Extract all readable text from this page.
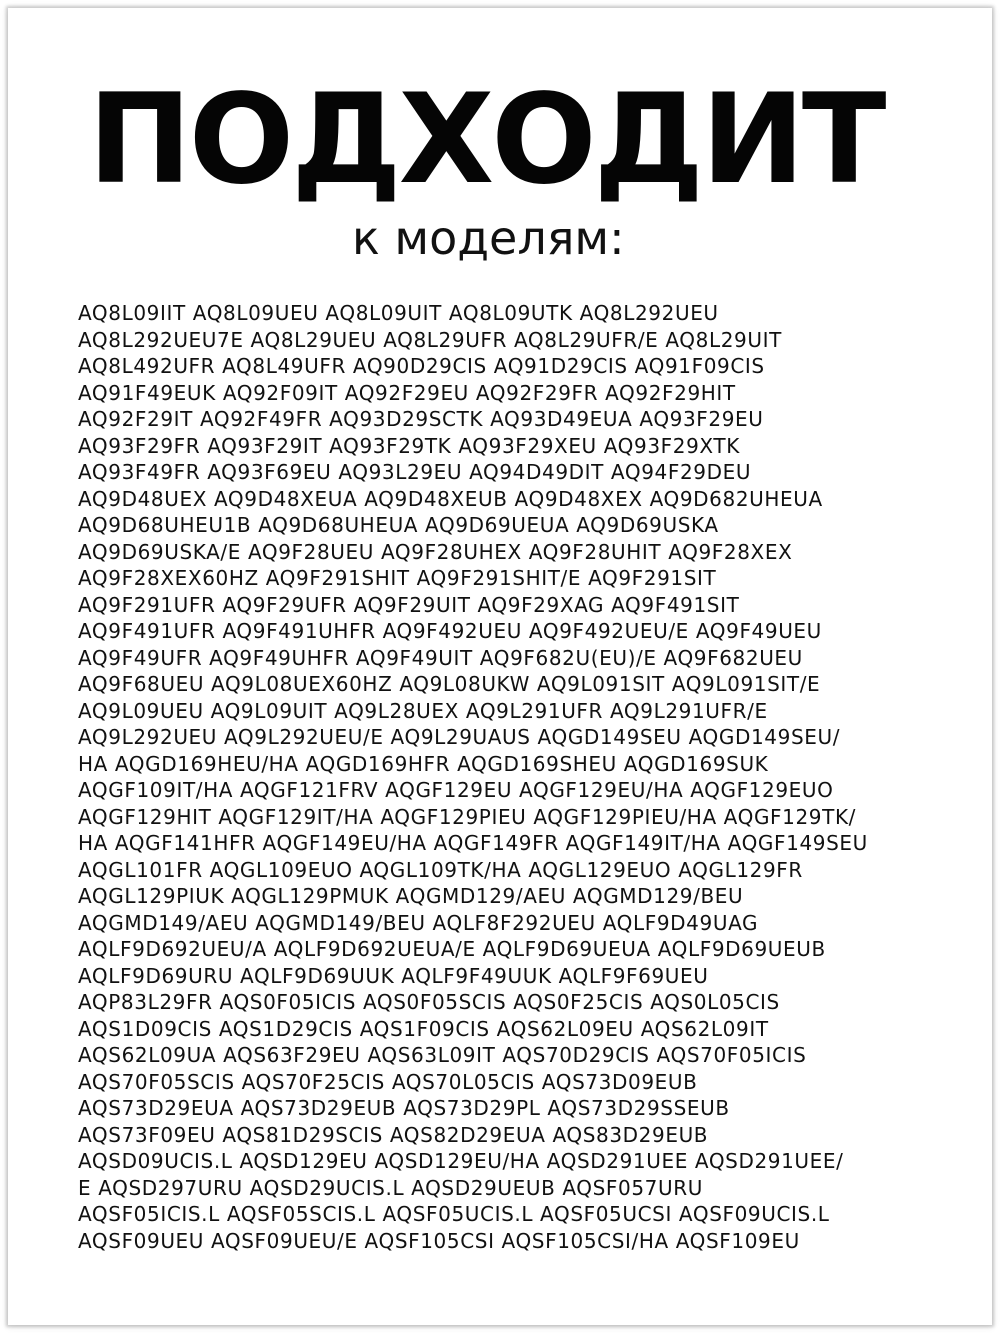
ПОДХОДИТ
к моделям:
AQ8L09IIT AQ8L09UEU AQ8L09UIT AQ8L09UTK AQ8L292UEU
AQ8L292UEU7E AQ8L29UEU AQ8L29UFR AQ8L29UFR/E AQ8L29UIT
AQ8L492UFR AQ8L49UFR AQ90D29CIS AQ91D29CIS AQ91F09CIS
AQ91F49EUK AQ92F09IT AQ92F29EU AQ92F29FR AQ92F29HIT
AQ92F29IT AQ92F49FR AQ93D29SCTK AQ93D49EUA AQ93F29EU
AQ93F29FR AQ93F29IT AQ93F29TK AQ93F29XEU AQ93F29XTK
AQ93F49FR AQ93F69EU AQ93L29EU AQ94D49DIT AQ94F29DEU
AQ9D48UEX AQ9D48XEUA AQ9D48XEUB AQ9D48XEX AQ9D682UHEUA
AQ9D68UHEU1B AQ9D68UHEUA AQ9D69UEUA AQ9D69USKA
AQ9D69USKA/E AQ9F28UEU AQ9F28UHEX AQ9F28UHIT AQ9F28XEX
AQ9F28XEX60HZ AQ9F291SHIT AQ9F291SHIT/E AQ9F291SIT
AQ9F291UFR AQ9F29UFR AQ9F29UIT AQ9F29XAG AQ9F491SIT
AQ9F491UFR AQ9F491UHFR AQ9F492UEU AQ9F492UEU/E AQ9F49UEU
AQ9F49UFR AQ9F49UHFR AQ9F49UIT AQ9F682U(EU)/E AQ9F682UEU
AQ9F68UEU AQ9L08UEX60HZ AQ9L08UKW AQ9L091SIT AQ9L091SIT/E
AQ9L09UEU AQ9L09UIT AQ9L28UEX AQ9L291UFR AQ9L291UFR/E
AQ9L292UEU AQ9L292UEU/E AQ9L29UAUS AQGD149SEU AQGD149SEU/
HA AQGD169HEU/HA AQGD169HFR AQGD169SHEU AQGD169SUK
AQGF109IT/HA AQGF121FRV AQGF129EU AQGF129EU/HA AQGF129EUO
AQGF129HIT AQGF129IT/HA AQGF129PIEU AQGF129PIEU/HA AQGF129TK/
HA AQGF141HFR AQGF149EU/HA AQGF149FR AQGF149IT/HA AQGF149SEU
AQGL101FR AQGL109EUO AQGL109TK/HA AQGL129EUO AQGL129FR
AQGL129PIUK AQGL129PMUK AQGMD129/AEU AQGMD129/BEU
AQGMD149/AEU AQGMD149/BEU AQLF8F292UEU AQLF9D49UAG
AQLF9D692UEU/A AQLF9D692UEUA/E AQLF9D69UEUA AQLF9D69UEUB
AQLF9D69URU AQLF9D69UUK AQLF9F49UUK AQLF9F69UEU
AQP83L29FR AQS0F05ICIS AQS0F05SCIS AQS0F25CIS AQS0L05CIS
AQS1D09CIS AQS1D29CIS AQS1F09CIS AQS62L09EU AQS62L09IT
AQS62L09UA AQS63F29EU AQS63L09IT AQS70D29CIS AQS70F05ICIS
AQS70F05SCIS AQS70F25CIS AQS70L05CIS AQS73D09EUB
AQS73D29EUA AQS73D29EUB AQS73D29PL AQS73D29SSEUB
AQS73F09EU AQS81D29SCIS AQS82D29EUA AQS83D29EUB
AQSD09UCIS.L AQSD129EU AQSD129EU/HA AQSD291UEE AQSD291UEE/
E AQSD297URU AQSD29UCIS.L AQSD29UEUB AQSF057URU
AQSF05ICIS.L AQSF05SCIS.L AQSF05UCIS.L AQSF05UCSI AQSF09UCIS.L
AQSF09UEU AQSF09UEU/E AQSF105CSI AQSF105CSI/HA AQSF109EU
